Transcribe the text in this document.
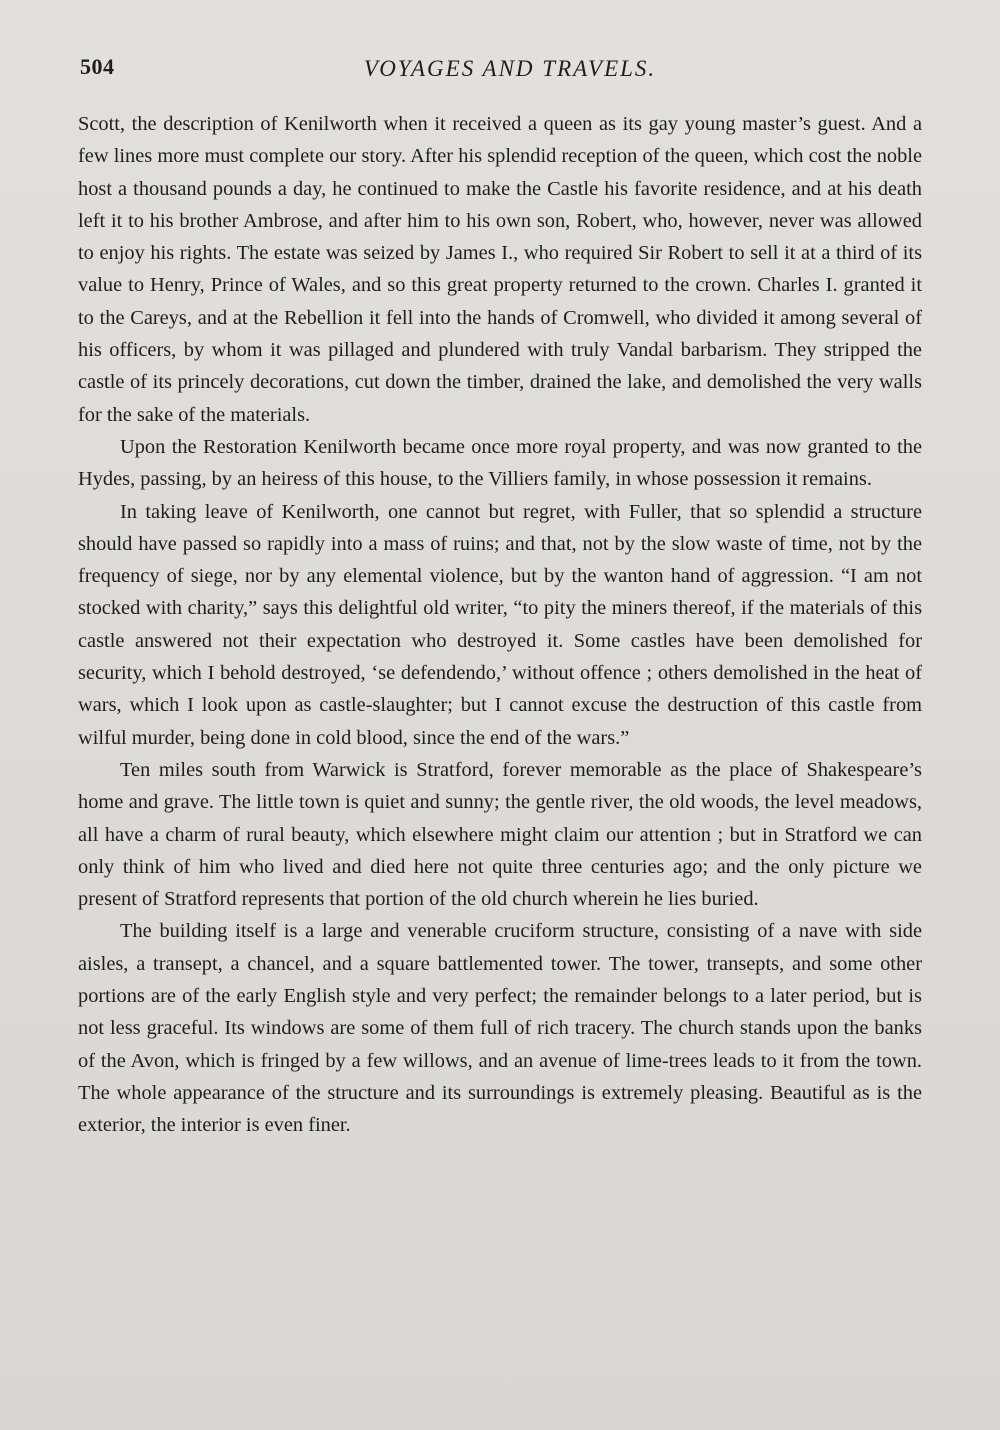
504	VOYAGES AND TRAVELS.

Scott, the description of Kenilworth when it received a queen as its gay young master’s guest. And a few lines more must complete our story. After his splendid reception of the queen, which cost the noble host a thousand pounds a day, he continued to make the Castle his favorite residence, and at his death left it to his brother Ambrose, and after him to his own son, Robert, who, however, never was allowed to enjoy his rights. The estate was seized by James I., who required Sir Robert to sell it at a third of its value to Henry, Prince of Wales, and so this great property returned to the crown. Charles I. granted it to the Careys, and at the Rebellion it fell into the hands of Cromwell, who divided it among several of his officers, by whom it was pillaged and plundered with truly Vandal barbarism. They stripped the castle of its princely decorations, cut down the timber, drained the lake, and demolished the very walls for the sake of the materials.

Upon the Restoration Kenilworth became once more royal property, and was now granted to the Hydes, passing, by an heiress of this house, to the Villiers family, in whose possession it remains.

In taking leave of Kenilworth, one cannot but regret, with Fuller, that so splendid a structure should have passed so rapidly into a mass of ruins; and that, not by the slow waste of time, not by the frequency of siege, nor by any elemental violence, but by the wanton hand of aggression. “I am not stocked with charity,” says this delightful old writer, “to pity the miners thereof, if the materials of this castle answered not their expectation who destroyed it. Some castles have been demolished for security, which I behold destroyed, ‘se defendendo,’ without offence ; others demolished in the heat of wars, which I look upon as castle-slaughter; but I cannot excuse the destruction of this castle from wilful murder, being done in cold blood, since the end of the wars.”

Ten miles south from Warwick is Stratford, forever memorable as the place of Shakespeare’s home and grave. The little town is quiet and sunny; the gentle river, the old woods, the level meadows, all have a charm of rural beauty, which elsewhere might claim our attention ; but in Stratford we can only think of him who lived and died here not quite three centuries ago; and the only picture we present of Stratford represents that portion of the old church wherein he lies buried.

The building itself is a large and venerable cruciform structure, consisting of a nave with side aisles, a transept, a chancel, and a square battlemented tower. The tower, transepts, and some other portions are of the early English style and very perfect; the remainder belongs to a later period, but is not less graceful. Its windows are some of them full of rich tracery. The church stands upon the banks of the Avon, which is fringed by a few willows, and an avenue of lime-trees leads to it from the town. The whole appearance of the structure and its surroundings is extremely pleasing. Beautiful as is the exterior, the interior is even finer.
